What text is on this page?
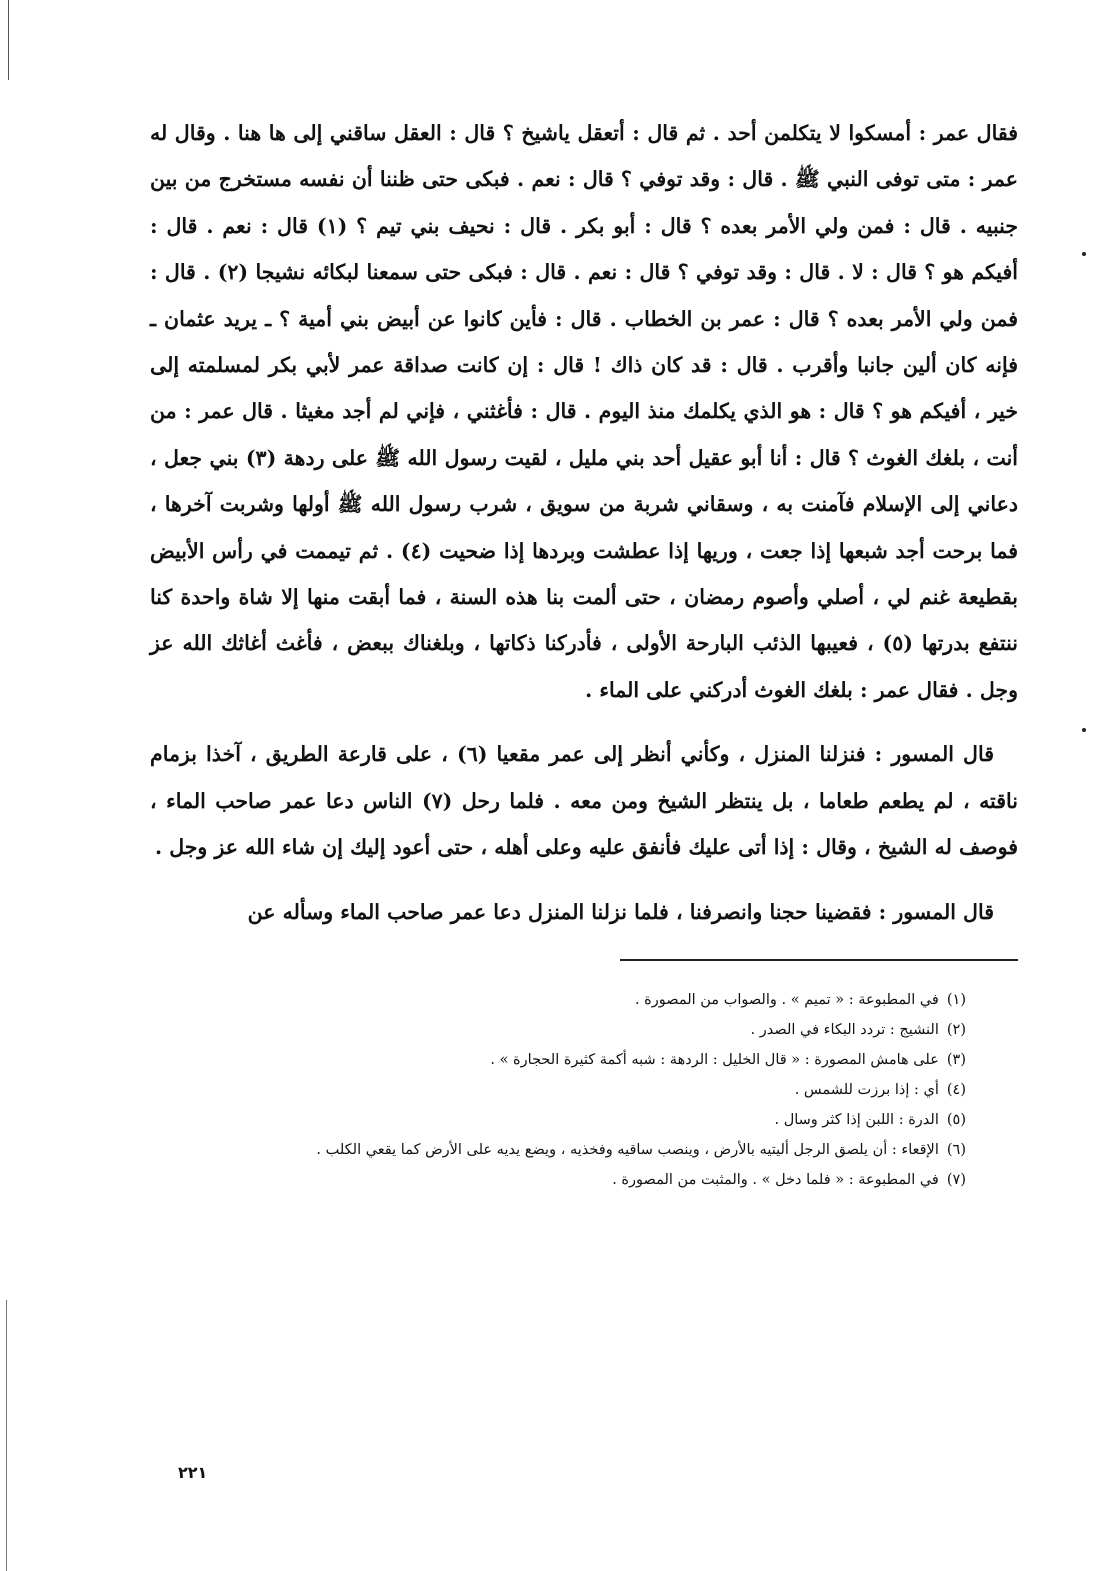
فقال عمر : أمسكوا لا يتكلمن أحد . ثم قال : أتعقل ياشيخ ؟ قال : العقل ساقني إلى ها هنا . وقال له عمر : متى توفى النبي ﷺ . قال : وقد توفي ؟ قال : نعم . فبكى حتى ظننا أن نفسه مستخرج من بين جنبيه . قال : فمن ولي الأمر بعده ؟ قال : أبو بكر . قال : نحيف بني تيم ؟ (١) قال : نعم . قال : أفيكم هو ؟ قال : لا . قال : وقد توفي ؟ قال : نعم . قال : فبكى حتى سمعنا لبكائه نشيجا (٢) . قال : فمن ولي الأمر بعده ؟ قال : عمر بن الخطاب . قال : فأين كانوا عن أبيض بني أمية ؟ ـ يريد عثمان ـ فإنه كان ألين جانبا وأقرب . قال : قد كان ذاك ! قال : إن كانت صداقة عمر لأبي بكر لمسلمته إلى خير ، أفيكم هو ؟ قال : هو الذي يكلمك منذ اليوم . قال : فأغثني ، فإني لم أجد مغيثا . قال عمر : من أنت ، بلغك الغوث ؟ قال : أنا أبو عقيل أحد بني مليل ، لقيت رسول الله ﷺ على ردهة (٣) بني جعل ، دعاني إلى الإسلام فآمنت به ، وسقاني شربة من سويق ، شرب رسول الله ﷺ أولها وشربت آخرها ، فما برحت أجد شبعها إذا جعت ، وريها إذا عطشت وبردها إذا ضحيت (٤) . ثم تيممت في رأس الأبيض بقطيعة غنم لي ، أصلي وأصوم رمضان ، حتى ألمت بنا هذه السنة ، فما أبقت منها إلا شاة واحدة كنا ننتفع بدرتها (٥) ، فعيبها الذئب البارحة الأولى ، فأدركنا ذكاتها ، وبلغناك ببعض ، فأغث أغاثك الله عز وجل . فقال عمر : بلغك الغوث أدركني على الماء .

قال المسور : فنزلنا المنزل ، وكأني أنظر إلى عمر مقعيا (٦) ، على قارعة الطريق ، آخذا بزمام ناقته ، لم يطعم طعاما ، بل ينتظر الشيخ ومن معه . فلما رحل (٧) الناس دعا عمر صاحب الماء ، فوصف له الشيخ ، وقال : إذا أتى عليك فأنفق عليه وعلى أهله ، حتى أعود إليك إن شاء الله عز وجل .

قال المسور : فقضينا حجنا وانصرفنا ، فلما نزلنا المنزل دعا عمر صاحب الماء وسأله عن

(١)في المطبوعة : « تميم » . والصواب من المصورة .
(٢)النشيج : تردد البكاء في الصدر .
(٣)على هامش المصورة : « قال الخليل : الردهة : شبه أكمة كثيرة الحجارة » .
(٤)أي : إذا برزت للشمس .
(٥)الدرة : اللبن إذا كثر وسال .
(٦)الإقعاء : أن يلصق الرجل أليتيه بالأرض ، وينصب ساقيه وفخذيه ، ويضع يديه على الأرض كما يقعي الكلب .
(٧)في المطبوعة : « فلما دخل » . والمثبت من المصورة .
٢٢١
